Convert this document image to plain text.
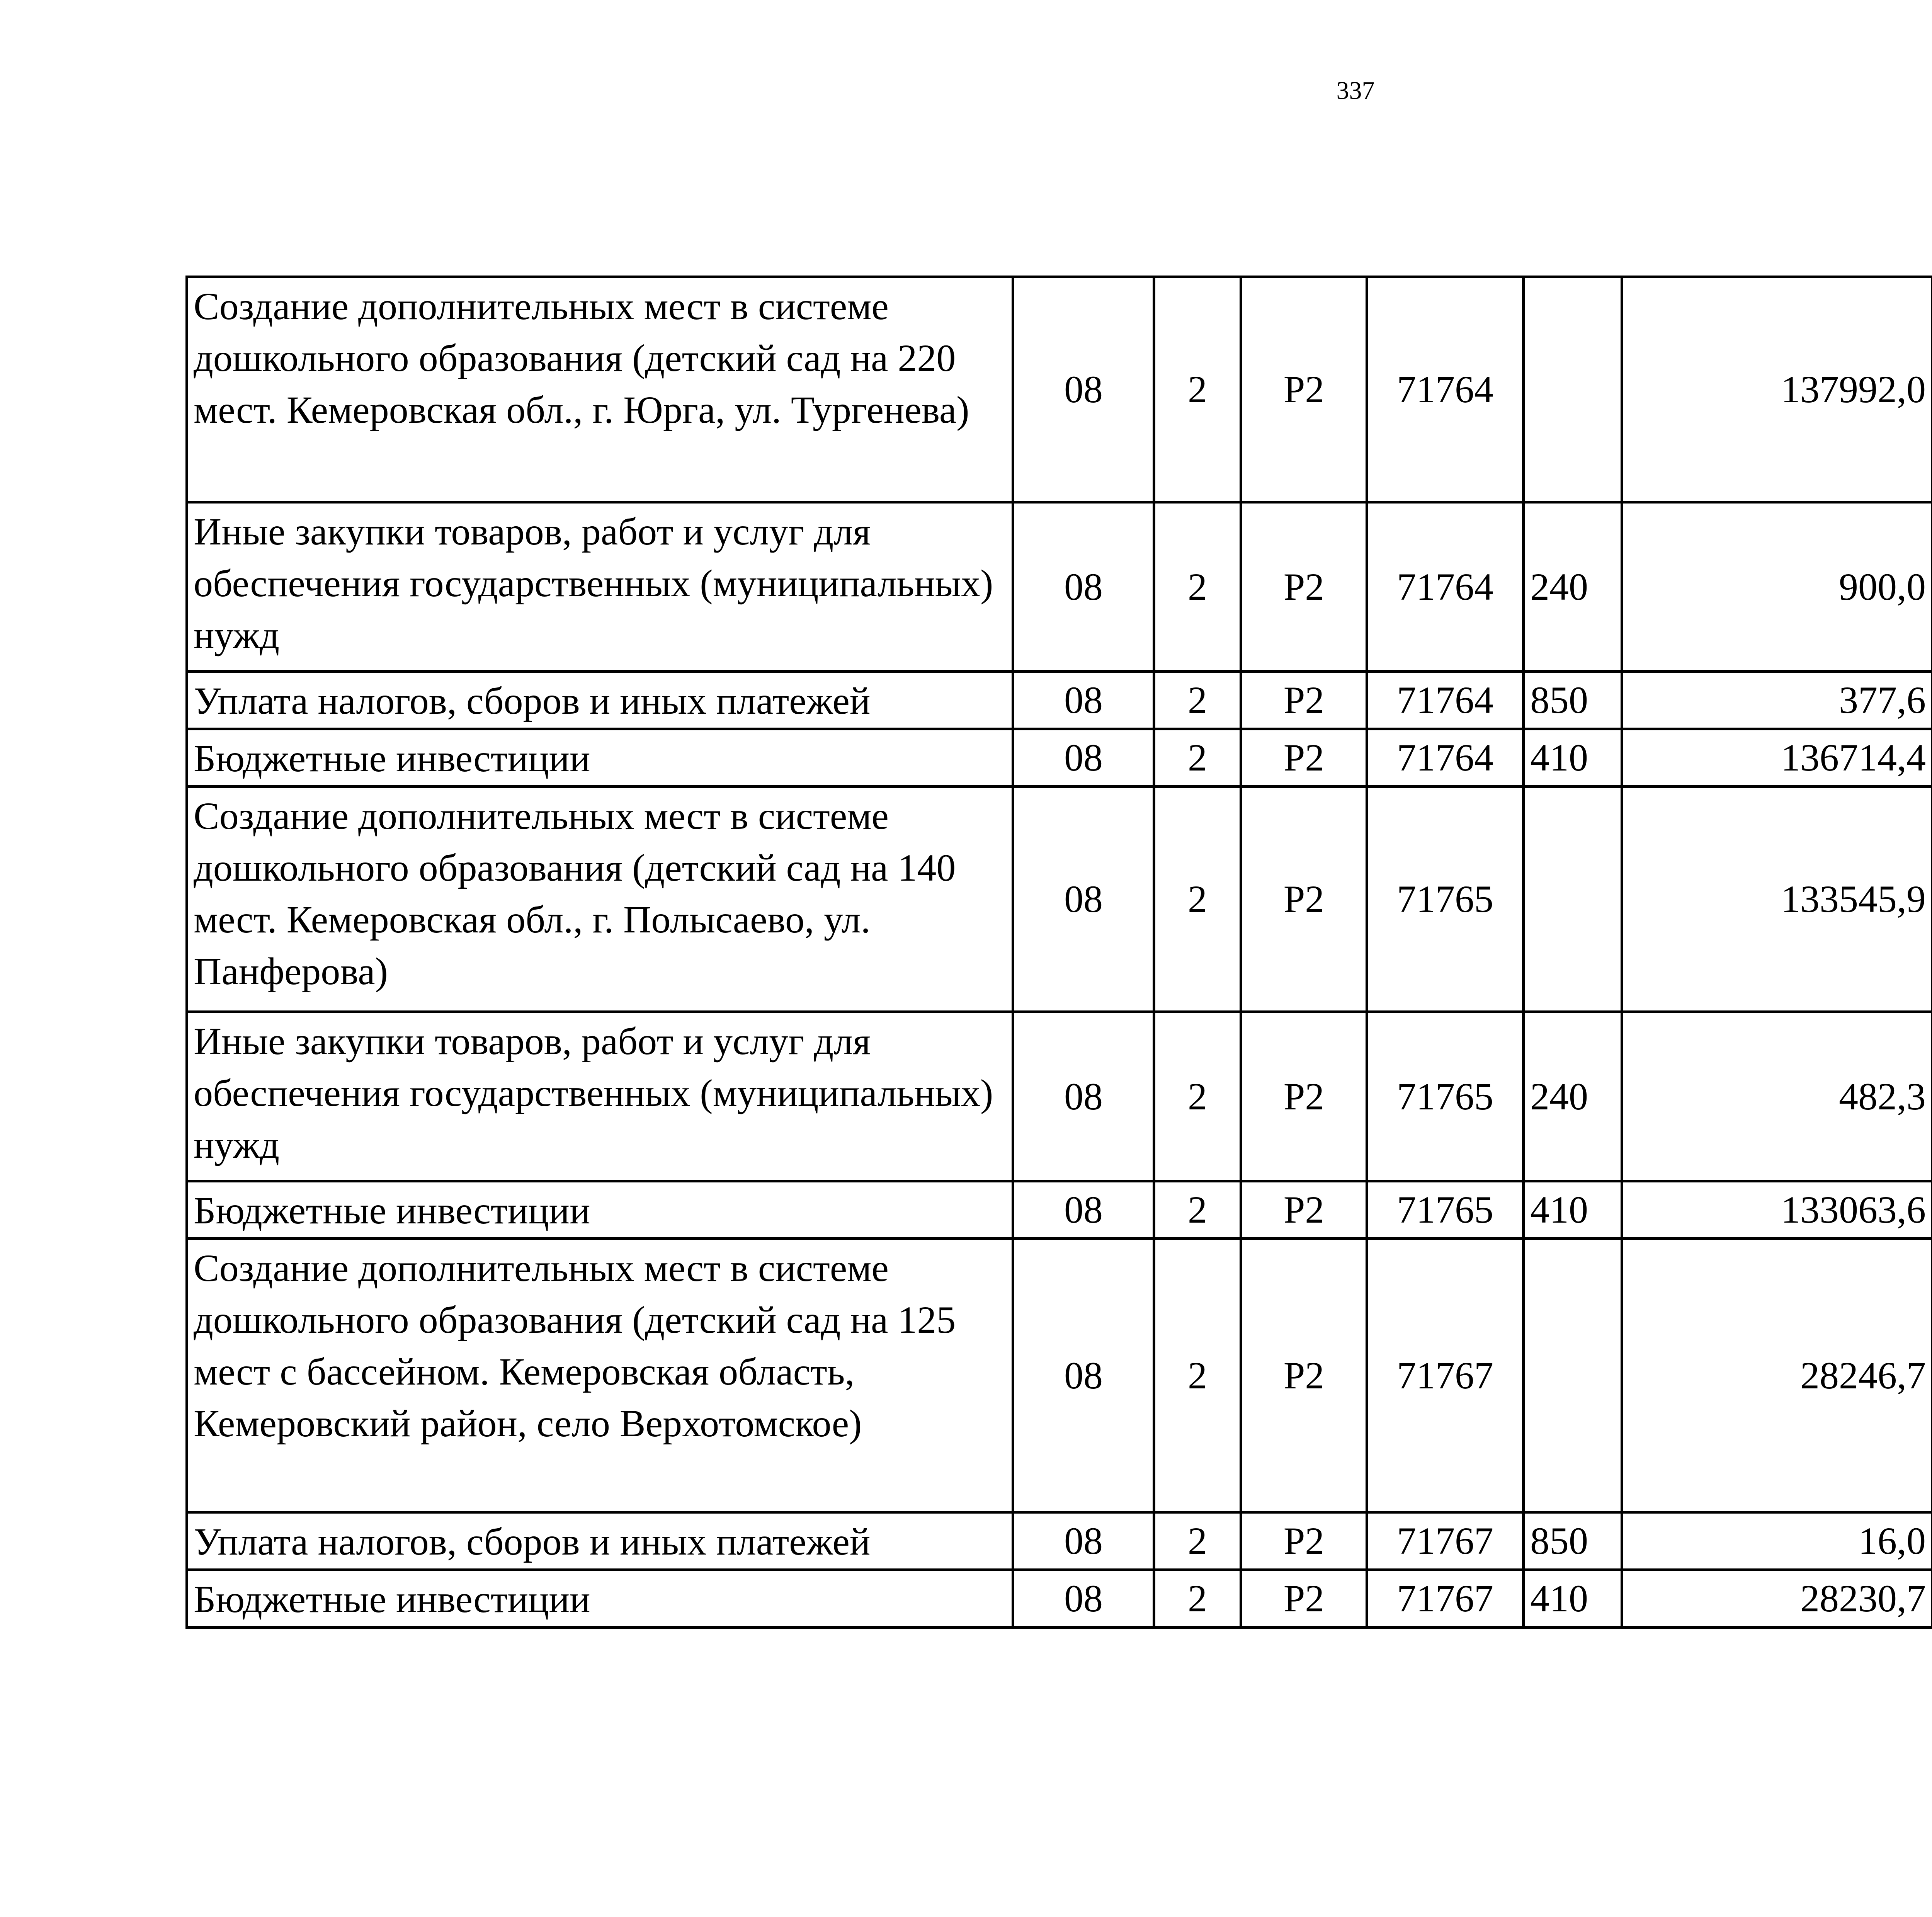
337
Создание дополнительных мест в системе дошкольного образования (детский сад на 220 мест. Кемеровская обл., г. Юрга, ул. Тургенева)	08	2	P2	71764		137992,0		
Иные закупки товаров, работ и услуг для обеспечения государственных (муниципальных) нужд	08	2	P2	71764	240	900,0		
Уплата налогов, сборов и иных платежей	08	2	P2	71764	850	377,6		
Бюджетные инвестиции	08	2	P2	71764	410	136714,4		
Создание дополнительных мест в системе дошкольного образования (детский сад на 140 мест. Кемеровская обл., г. Полысаево, ул. Панферова)	08	2	P2	71765		133545,9		
Иные закупки товаров, работ и услуг для обеспечения государственных (муниципальных) нужд	08	2	P2	71765	240	482,3		
Бюджетные инвестиции	08	2	P2	71765	410	133063,6		
Создание дополнительных мест в системе дошкольного образования (детский сад на 125 мест с бассейном. Кемеровская область, Кемеровский район, село Верхотомское)	08	2	P2	71767		28246,7		
Уплата налогов, сборов и иных платежей	08	2	P2	71767	850	16,0		
Бюджетные инвестиции	08	2	P2	71767	410	28230,7		
